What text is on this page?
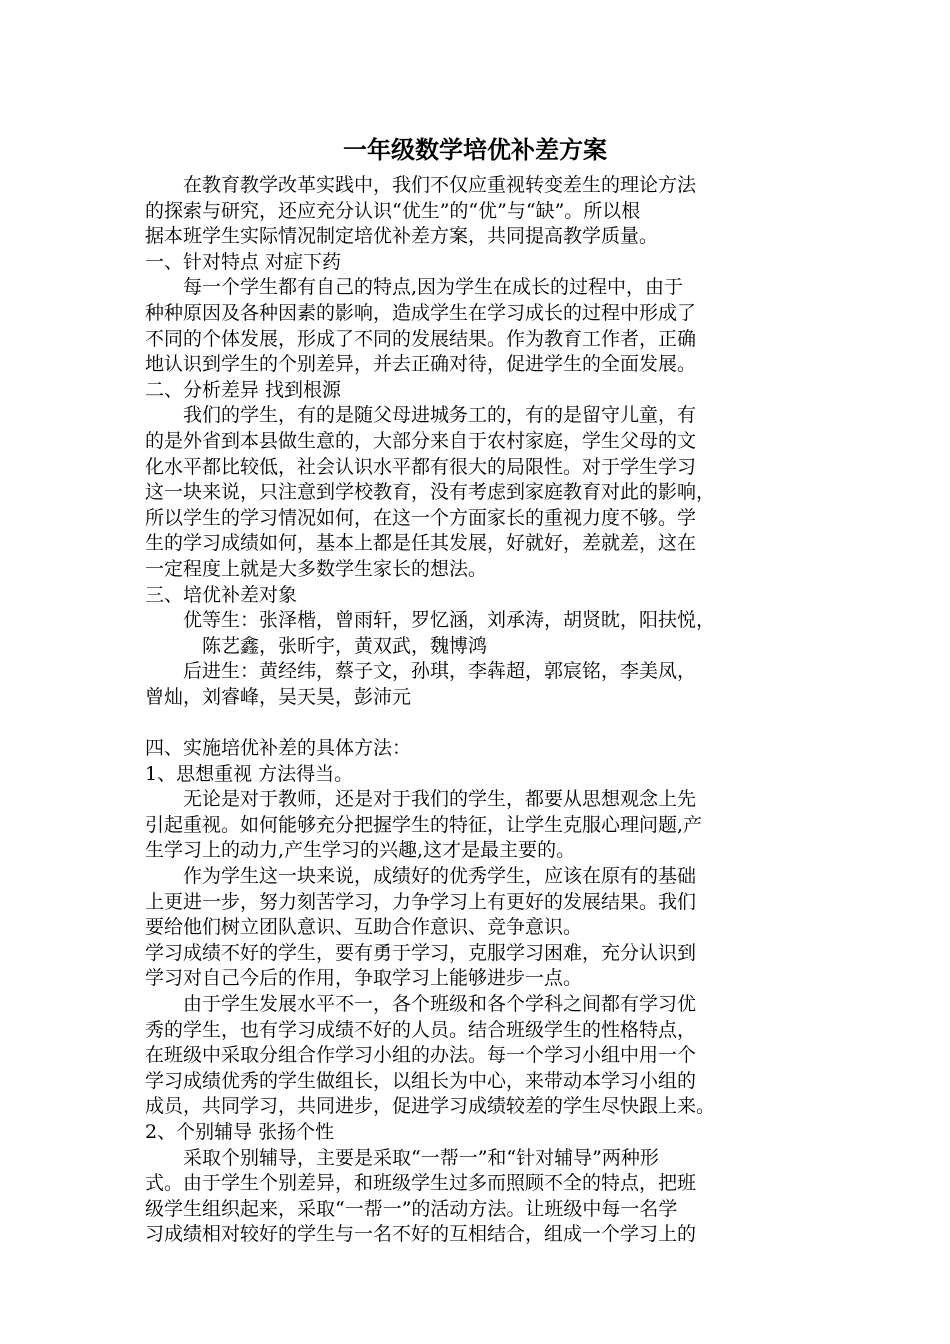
一年级数学培优补差方案

　　在教育教学改革实践中，我们不仅应重视转变差生的理论方法

的探索与研究，还应充分认识“优生”的“优”与“缺”。所以根

据本班学生实际情况制定培优补差方案，共同提高教学质量。

一、针对特点 对症下药

　　每一个学生都有自己的特点,因为学生在成长的过程中，由于

种种原因及各种因素的影响，造成学生在学习成长的过程中形成了

不同的个体发展，形成了不同的发展结果。作为教育工作者，正确

地认识到学生的个别差异，并去正确对待，促进学生的全面发展。

二、分析差异 找到根源

　　我们的学生，有的是随父母进城务工的，有的是留守儿童，有

的是外省到本县做生意的，大部分来自于农村家庭，学生父母的文

化水平都比较低，社会认识水平都有很大的局限性。对于学生学习

这一块来说，只注意到学校教育，没有考虑到家庭教育对此的影响，

所以学生的学习情况如何，在这一个方面家长的重视力度不够。学

生的学习成绩如何，基本上都是任其发展，好就好，差就差，这在

一定程度上就是大多数学生家长的想法。

三、培优补差对象

　　优等生：张泽楷，曾雨轩，罗忆涵，刘承涛，胡贤眈，阳扶悦，

　　　陈艺鑫，张昕宇，黄双武，魏博鸿

　　后进生：黄经纬，蔡子文，孙琪，李犇超，郭宸铭，李美凤，

曾灿，刘睿峰，吴天昊，彭沛元

四、实施培优补差的具体方法：

1、思想重视 方法得当。

　　无论是对于教师，还是对于我们的学生，都要从思想观念上先

引起重视。如何能够充分把握学生的特征，让学生克服心理问题,产

生学习上的动力,产生学习的兴趣,这才是最主要的。

　　作为学生这一块来说，成绩好的优秀学生，应该在原有的基础

上更进一步，努力刻苦学习，力争学习上有更好的发展结果。我们

要给他们树立团队意识、互助合作意识、竞争意识。

学习成绩不好的学生，要有勇于学习，克服学习困难，充分认识到

学习对自己今后的作用，争取学习上能够进步一点。

　　由于学生发展水平不一，各个班级和各个学科之间都有学习优

秀的学生，也有学习成绩不好的人员。结合班级学生的性格特点，

在班级中采取分组合作学习小组的办法。每一个学习小组中用一个

学习成绩优秀的学生做组长，以组长为中心，来带动本学习小组的

成员，共同学习，共同进步，促进学习成绩较差的学生尽快跟上来。

2、个别辅导 张扬个性

　　采取个别辅导，主要是采取“一帮一”和“针对辅导”两种形

式。由于学生个别差异，和班级学生过多而照顾不全的特点，把班

级学生组织起来，采取“一帮一”的活动方法。让班级中每一名学

习成绩相对较好的学生与一名不好的互相结合，组成一个学习上的
